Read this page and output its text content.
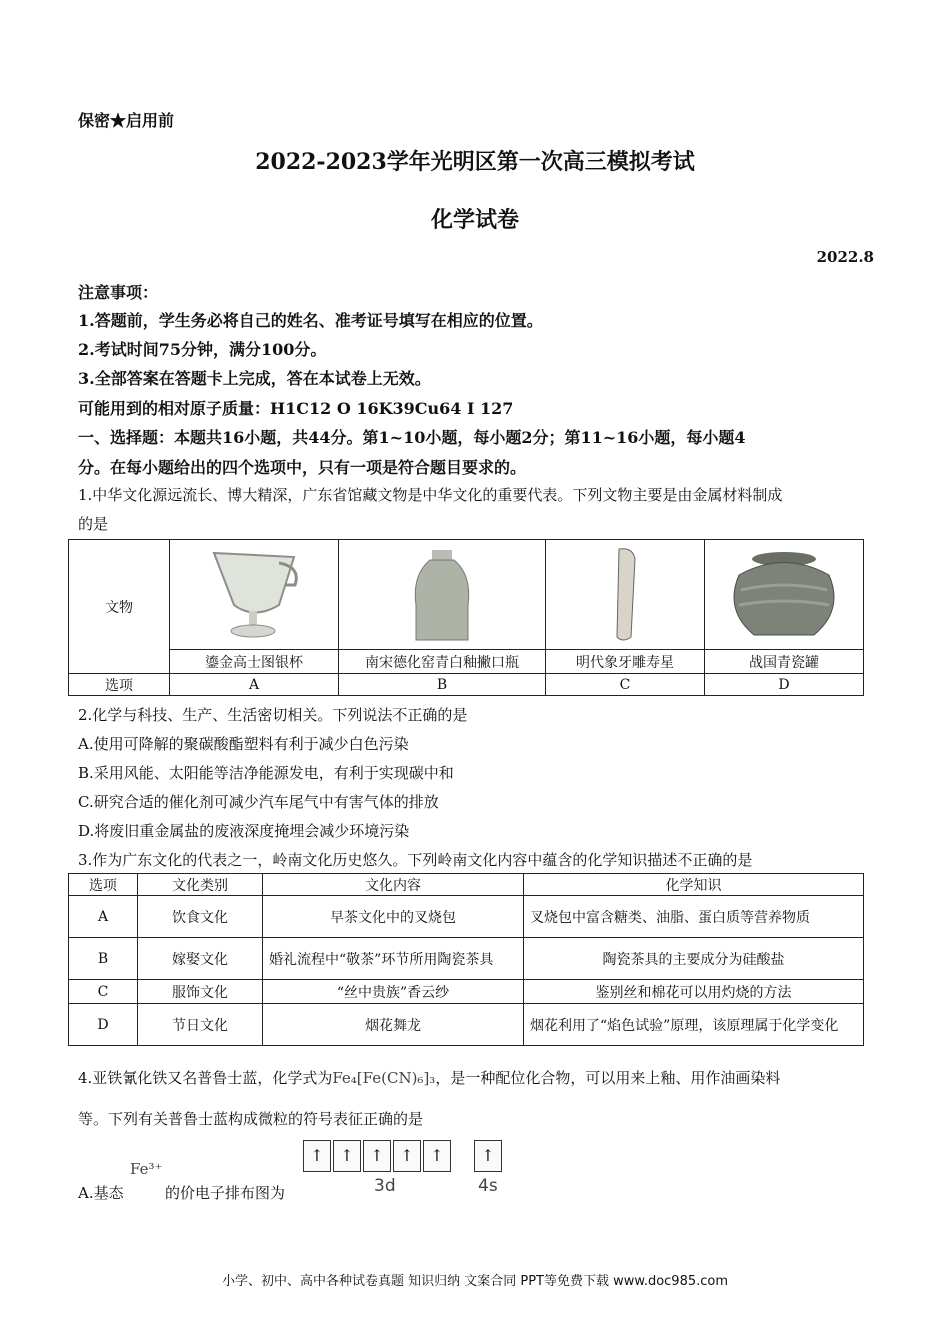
保密★启用前
2022-2023学年光明区第一次高三模拟考试
化学试卷
2022.8
注意事项：
1.答题前，学生务必将自己的姓名、准考证号填写在相应的位置。
2.考试时间75分钟，满分100分。
3.全部答案在答题卡上完成，答在本试卷上无效。
可能用到的相对原子质量：H1C12 O 16K39Cu64 I 127
一、选择题：本题共16小题，共44分。第1~10小题，每小题2分；第11~16小题，每小题4
分。在每小题给出的四个选项中，只有一项是符合题目要求的。
1.中华文化源远流长、博大精深，广东省馆藏文物是中华文化的重要代表。下列文物主要是由金属材料制成
的是
文物	

	鎏金高士图银杯	南宋德化窑青白釉撇口瓶	明代象牙雕寿星	战国青瓷罐
选项	A	B	C	D
2.化学与科技、生产、生活密切相关。下列说法不正确的是
A.使用可降解的聚碳酸酯塑料有利于减少白色污染
B.采用风能、太阳能等洁净能源发电，有利于实现碳中和
C.研究合适的催化剂可减少汽车尾气中有害气体的排放
D.将废旧重金属盐的废液深度掩埋会减少环境污染
3.作为广东文化的代表之一，岭南文化历史悠久。下列岭南文化内容中蕴含的化学知识描述不正确的是
选项	文化类别	文化内容	化学知识
A	饮食文化	早茶文化中的叉烧包	叉烧包中富含糖类、油脂、蛋白质等营养物质
B	嫁娶文化	婚礼流程中“敬茶”环节所用陶瓷茶具	陶瓷茶具的主要成分为硅酸盐
C	服饰文化	“丝中贵族”香云纱	鉴别丝和棉花可以用灼烧的方法
D	节日文化	烟花舞龙	烟花利用了“焰色试验”原理，该原理属于化学变化
4.亚铁氰化铁又名普鲁士蓝，化学式为Fe₄[Fe(CN)₆]₃，是一种配位化合物，可以用来上釉、用作油画染料
等。下列有关普鲁士蓝构成微粒的符号表征正确的是
A.基态
Fe³⁺
的价电子排布图为
↑ ↑ ↑ ↑ ↑
3d
↑
4s
小学、初中、高中各种试卷真题 知识归纳 文案合同 PPT等免费下载 www.doc985.com
